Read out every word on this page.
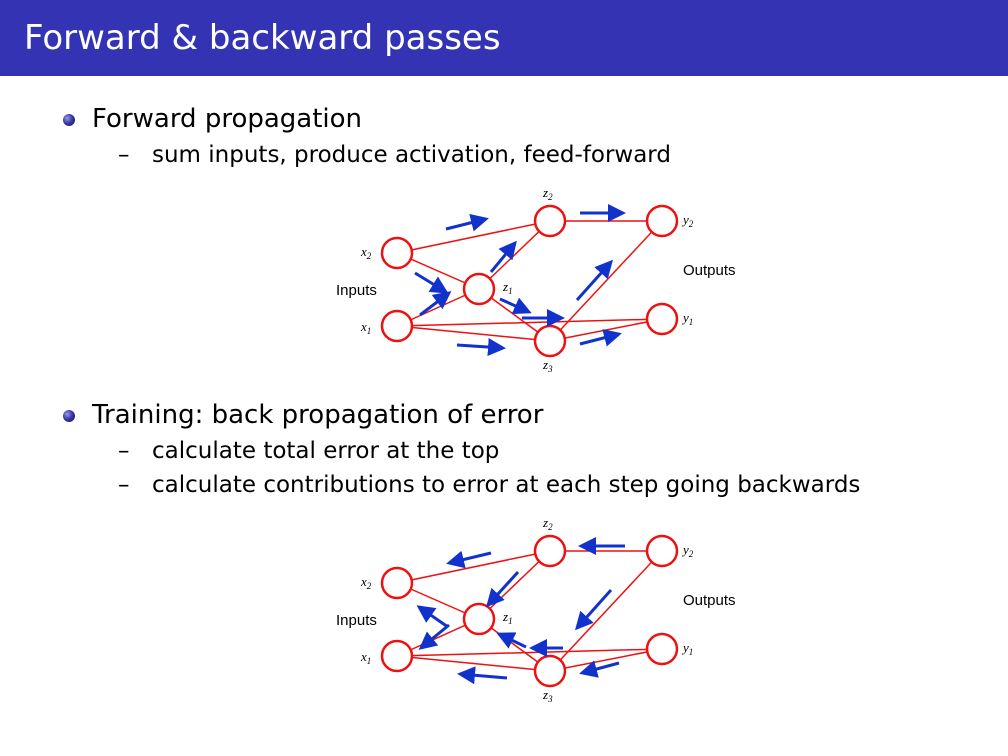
Forward & backward passes
Forward propagation
– sum inputs, produce activation, feed-forward
$x_2$
$x_1$
$z_1$
$z_2$
$z_3$
$y_2$
$y_1$
Inputs
Outputs
Training: back propagation of error
– calculate total error at the top
– calculate contributions to error at each step going backwards
$x_2$
$x_1$
$z_1$
$z_2$
$z_3$
$y_2$
$y_1$
Inputs
Outputs
